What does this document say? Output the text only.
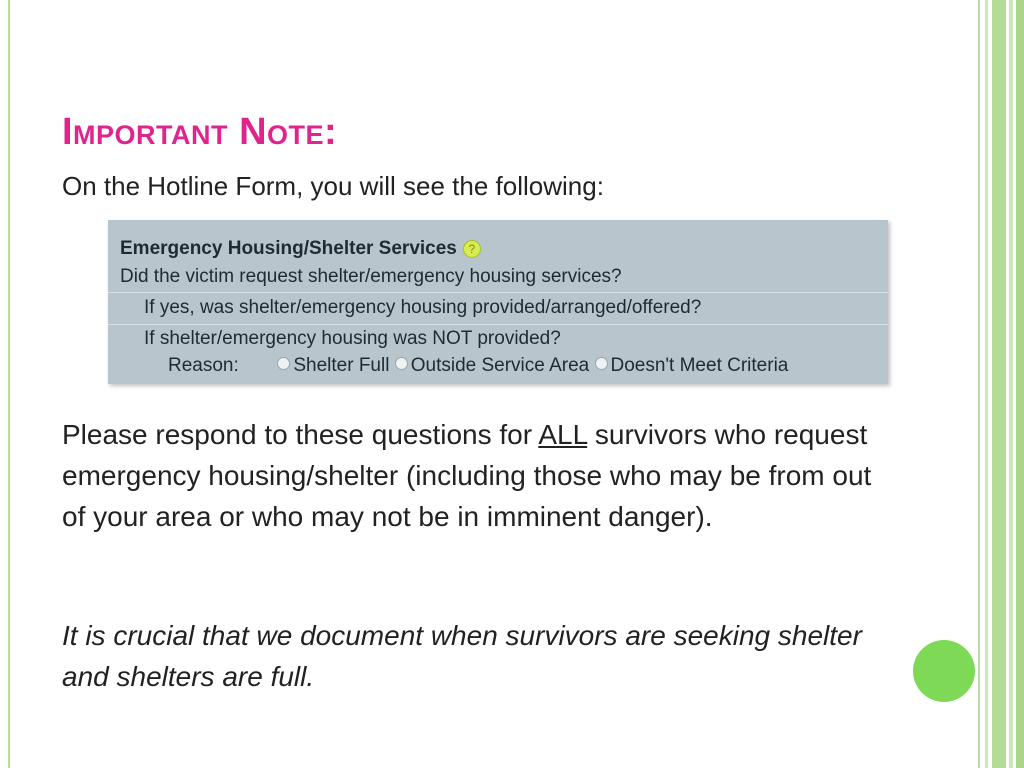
Important Note:
On the Hotline Form, you will see the following:
Emergency Housing/Shelter Services ?
Did the victim request shelter/emergency housing services?
If yes, was shelter/emergency housing provided/arranged/offered?
If shelter/emergency housing was NOT provided?
Reason:	Shelter Full Outside Service Area Doesn't Meet Criteria
Please respond to these questions for ALL survivors who request emergency housing/shelter (including those who may be from out of your area or who may not be in imminent danger).
It is crucial that we document when survivors are seeking shelter and shelters are full.
